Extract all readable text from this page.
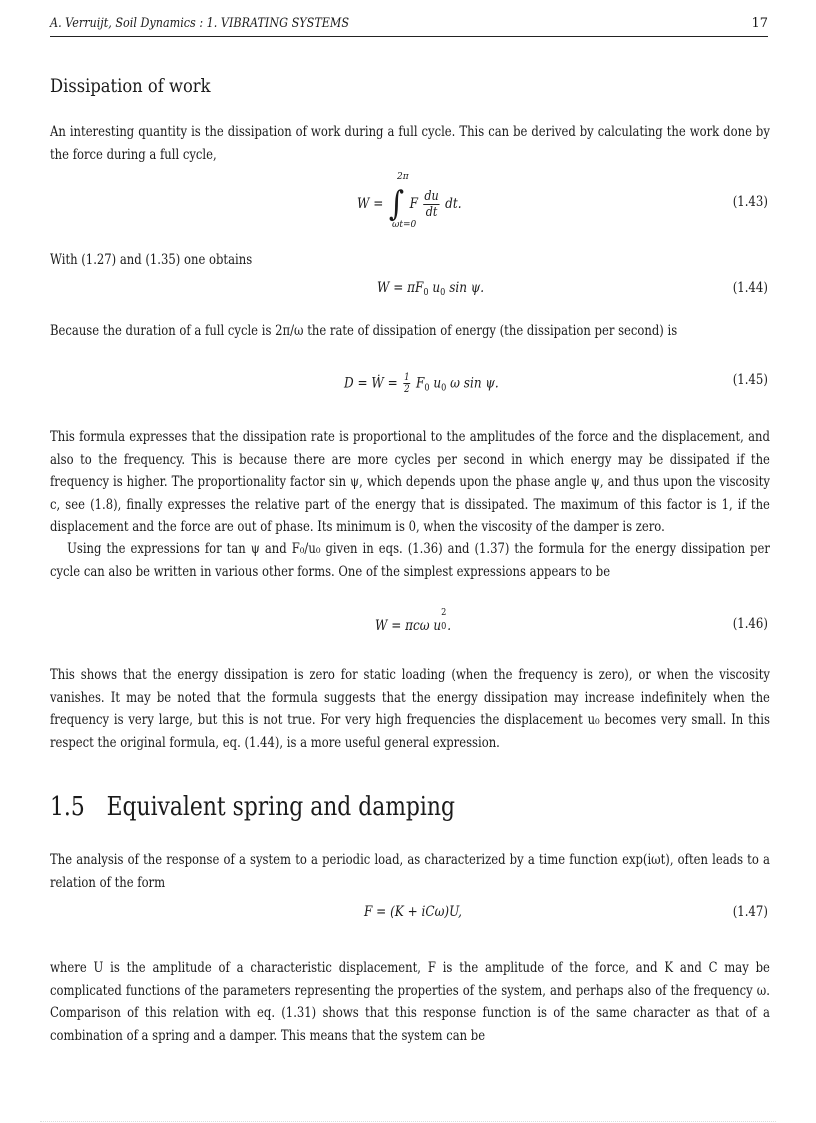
A. Verruijt, Soil Dynamics : 1. VIBRATING SYSTEMS	17
Dissipation of work

An interesting quantity is the dissipation of work during a full cycle. This can be derived by calculating the work done by the force during a full cycle,

W = ∫ F $\frac{du}{dt}$ dt.
2π
ωt=0
(1.43)

With (1.27) and (1.35) one obtains

$W = \pi F_0$ $u_0$ sin ψ.	(1.44)

Because the duration of a full cycle is 2π/ω the rate of dissipation of energy (the dissipation per second) is

D = Ẇ = $\frac{1}{2} F_0$ $u_0$ ω sin ψ.	(1.45)

This formula expresses that the dissipation rate is proportional to the amplitudes of the force and the displacement, and also to the frequency. This is because there are more cycles per second in which energy may be dissipated if the frequency is higher. The proportionality factor sin ψ, which depends upon the phase angle ψ, and thus upon the viscosity c, see (1.8), finally expresses the relative part of the energy that is dissipated. The maximum of this factor is 1, if the displacement and the force are out of phase. Its minimum is 0, when the viscosity of the damper is zero.

Using the expressions for tan ψ and F₀/u₀ given in eqs. (1.36) and (1.37) the formula for the energy dissipation per cycle can also be written in various other forms. One of the simplest expressions appears to be

W = πcω u
2
0 .	(1.46)

This shows that the energy dissipation is zero for static loading (when the frequency is zero), or when the viscosity vanishes. It may be noted that the formula suggests that the energy dissipation may increase indefinitely when the frequency is very large, but this is not true. For very high frequencies the displacement u₀ becomes very small. In this respect the original formula, eq. (1.44), is a more useful general expression.

1.5 Equivalent spring and damping

The analysis of the response of a system to a periodic load, as characterized by a time function exp(iωt), often leads to a relation of the form

F = (K + iCω)U,	(1.47)

where U is the amplitude of a characteristic displacement, F is the amplitude of the force, and K and C may be complicated functions of the parameters representing the properties of the system, and perhaps also of the frequency ω. Comparison of this relation with eq. (1.31) shows that this response function is of the same character as that of a combination of a spring and a damper. This means that the system can be
